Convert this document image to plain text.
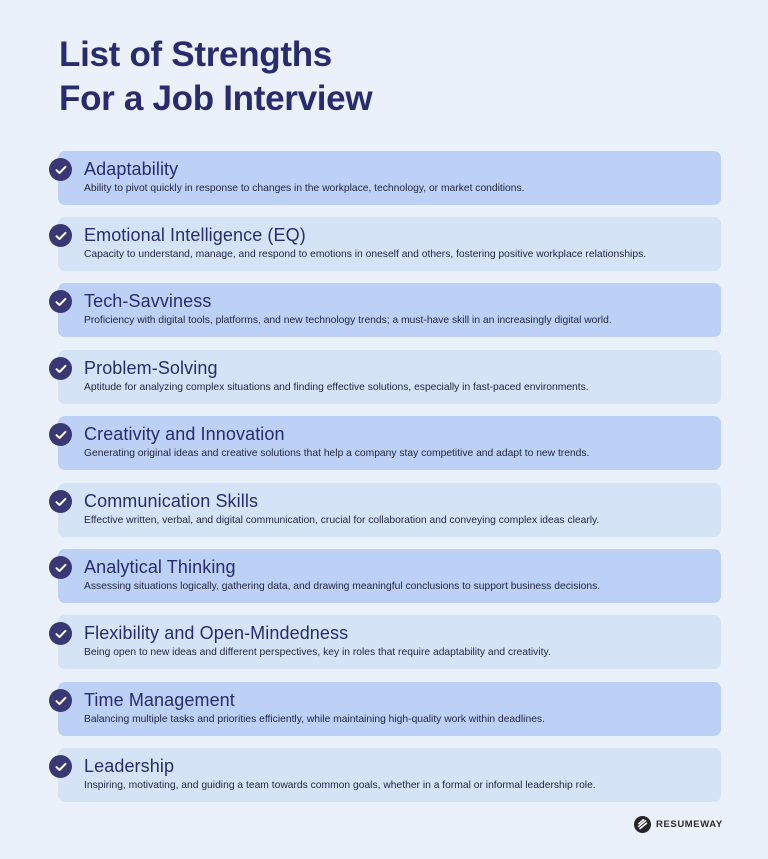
List of Strengths
For a Job Interview
Adaptability
Ability to pivot quickly in response to changes in the workplace, technology, or market conditions.
Emotional Intelligence (EQ)
Capacity to understand, manage, and respond to emotions in oneself and others, fostering positive workplace relationships.
Tech-Savviness
Proficiency with digital tools, platforms, and new technology trends; a must-have skill in an increasingly digital world.
Problem-Solving
Aptitude for analyzing complex situations and finding effective solutions, especially in fast-paced environments.
Creativity and Innovation
Generating original ideas and creative solutions that help a company stay competitive and adapt to new trends.
Communication Skills
Effective written, verbal, and digital communication, crucial for collaboration and conveying complex ideas clearly.
Analytical Thinking
Assessing situations logically, gathering data, and drawing meaningful conclusions to support business decisions.
Flexibility and Open-Mindedness
Being open to new ideas and different perspectives, key in roles that require adaptability and creativity.
Time Management
Balancing multiple tasks and priorities efficiently, while maintaining high-quality work within deadlines.
Leadership
Inspiring, motivating, and guiding a team towards common goals, whether in a formal or informal leadership role.
RESUMEWAY
